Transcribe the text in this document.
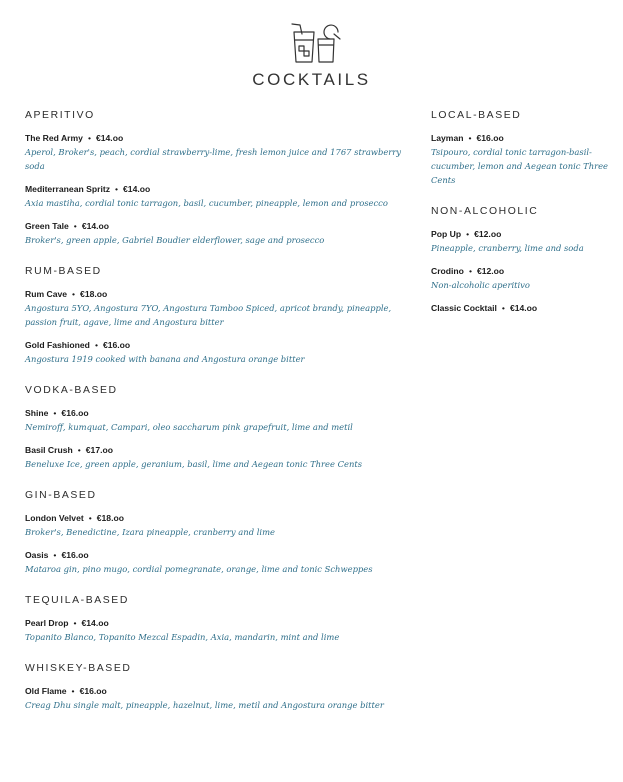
COCKTAILS
APERITIVO
The Red Army • €14.oo
Aperol, Broker's, peach, cordial strawberry-lime, fresh lemon juice and 1767 strawberry soda
Mediterranean Spritz • €14.oo
Axia mastiha, cordial tonic tarragon, basil, cucumber, pineapple, lemon and prosecco
Green Tale • €14.oo
Broker's, green apple, Gabriel Boudier elderflower, sage and prosecco
RUM-BASED
Rum Cave • €18.oo
Angostura 5YO, Angostura 7YO, Angostura Tamboo Spiced, apricot brandy, pineapple, passion fruit, agave, lime and Angostura bitter
Gold Fashioned • €16.oo
Angostura 1919 cooked with banana and Angostura orange bitter
VODKA-BASED
Shine • €16.oo
Nemiroff, kumquat, Campari, oleo saccharum pink grapefruit, lime and metil
Basil Crush • €17.oo
Beneluxe Ice, green apple, geranium, basil, lime and Aegean tonic Three Cents
GIN-BASED
London Velvet • €18.oo
Broker's, Benedictine, Izara pineapple, cranberry and lime
Oasis • €16.oo
Mataroa gin, pino mugo, cordial pomegranate, orange, lime and tonic Schweppes
TEQUILA-BASED
Pearl Drop • €14.oo
Topanito Blanco, Topanito Mezcal Espadin, Axia, mandarin, mint and lime
WHISKEY-BASED
Old Flame • €16.oo
Creag Dhu single malt, pineapple, hazelnut, lime, metil and Angostura orange bitter
LOCAL-BASED
Layman • €16.oo
Tsipouro, cordial tonic tarragon-basil-cucumber, lemon and Aegean tonic Three Cents
NON-ALCOHOLIC
Pop Up • €12.oo
Pineapple, cranberry, lime and soda
Crodino • €12.oo
Non-alcoholic aperitivo
Classic Cocktail • €14.oo
